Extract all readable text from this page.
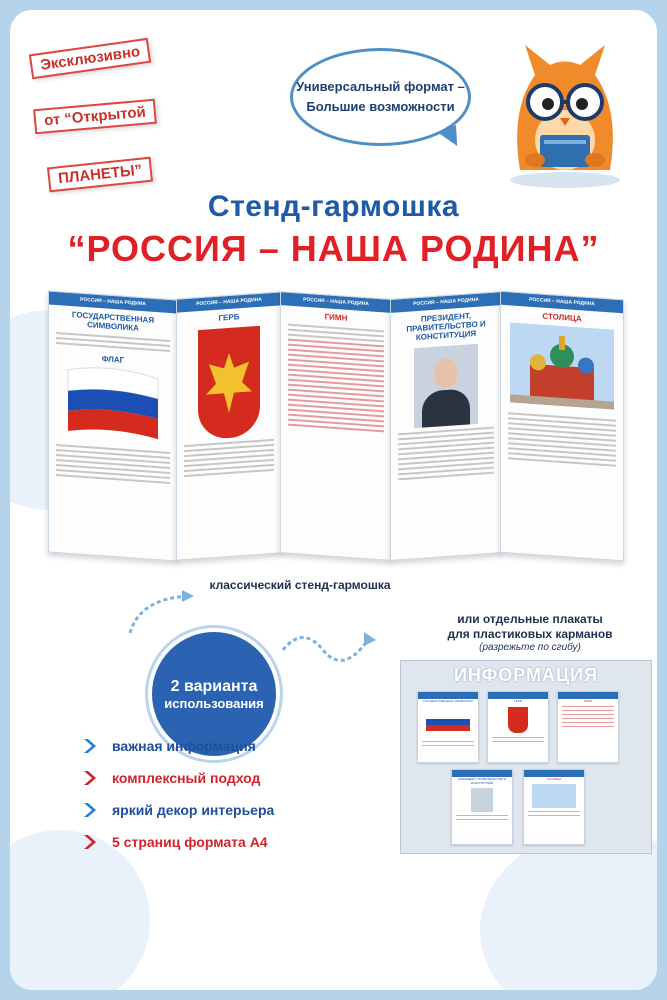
Эксклюзивно
от “Открытой
ПЛАНЕТЫ”
Универсальный формат –
Большие возможности
Стенд-гармошка
“РОССИЯ – НАША РОДИНА”
РОССИЯ – НАША РОДИНА
ГОСУДАРСТВЕННАЯ СИМВОЛИКА
ФЛАГ
РОССИЯ – НАША РОДИНА
ГЕРБ
РОССИЯ – НАША РОДИНА
ГИМН
РОССИЯ – НАША РОДИНА
ПРЕЗИДЕНТ, ПРАВИТЕЛЬСТВО И КОНСТИТУЦИЯ
РОССИЯ – НАША РОДИНА
СТОЛИЦА
классический стенд-гармошка
2 варианта
использования
или отдельные плакаты
для пластиковых карманов
(разрежьте по сгибу)
важная информация
комплексный подход
яркий декор интерьера
5 страниц формата А4
ИНФОРМАЦИЯ
ГОСУДАРСТВЕННАЯ СИМВОЛИКА	ГЕРБ	ГИМН
ПРЕЗИДЕНТ, ПРАВИТЕЛЬСТВО И КОНСТИТУЦИЯ
СТОЛИЦА
